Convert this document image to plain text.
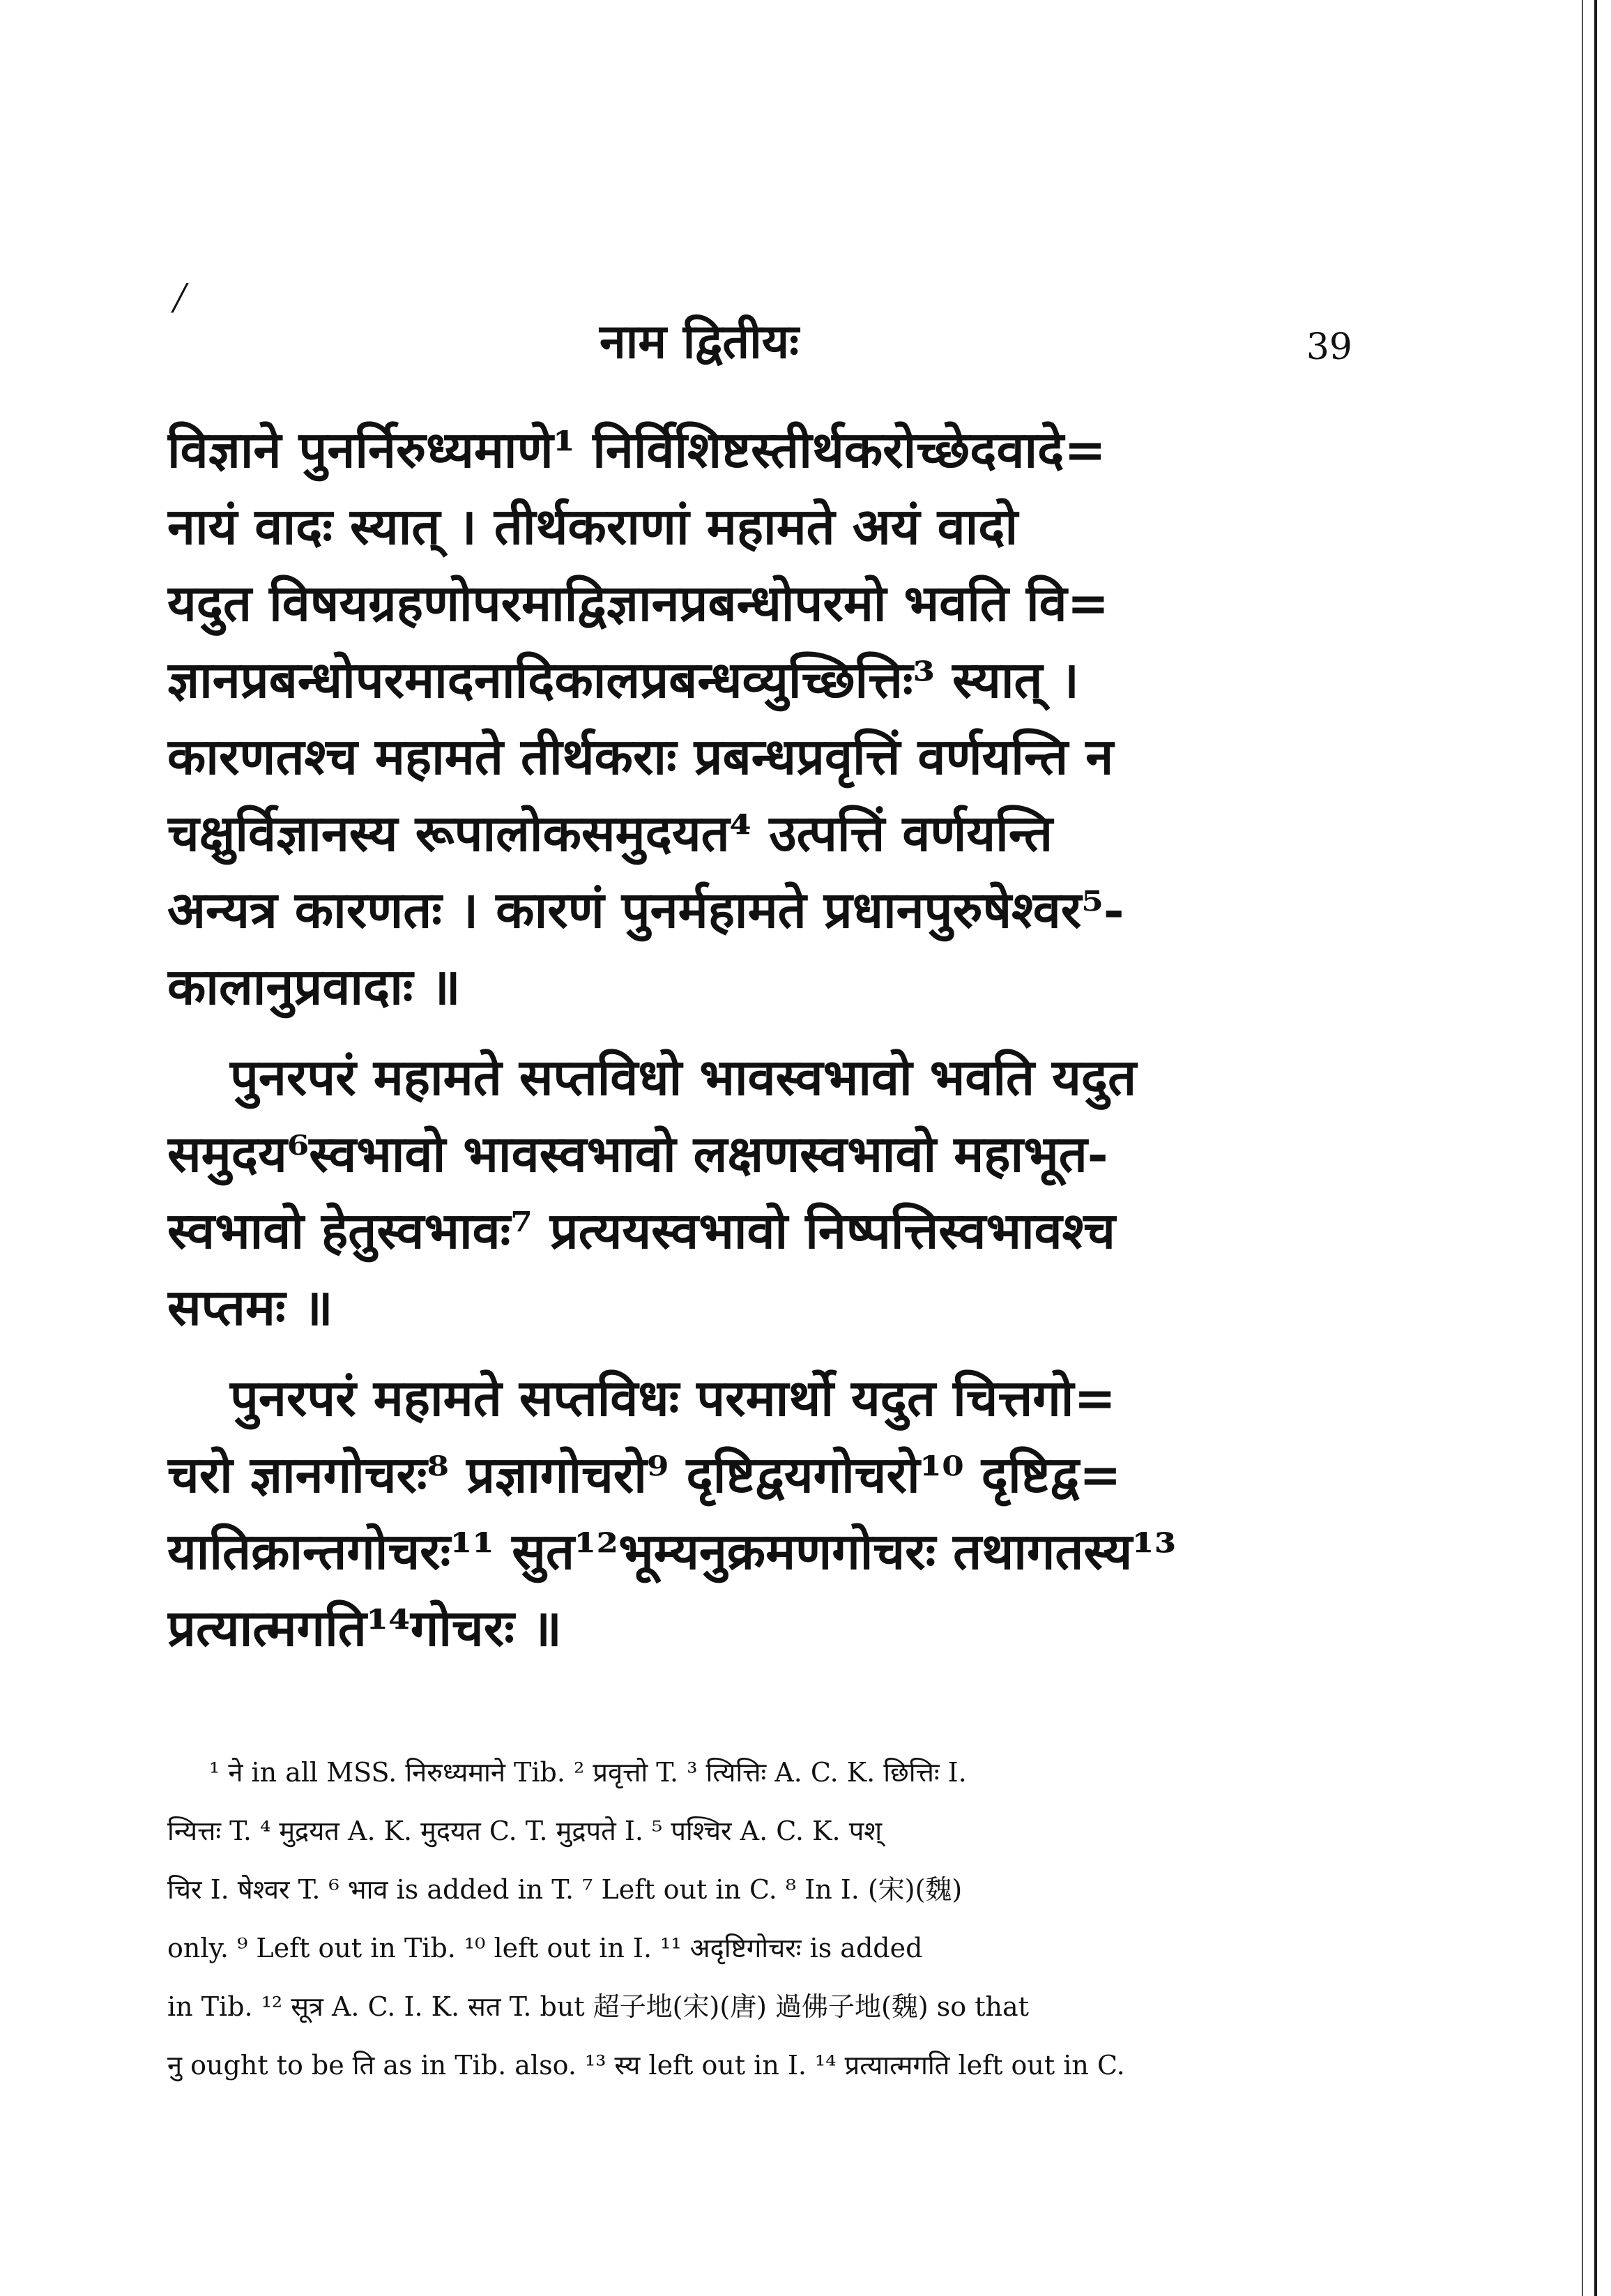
/
नाम द्वितीयः	39
विज्ञाने पुनर्निरुध्यमाणे¹ निर्विशिष्टस्तीर्थकरोच्छेदवादे=
नायं वादः स्यात् । तीर्थकराणां महामते अयं वादो
यदुत विषयग्रहणोपरमाद्विज्ञानप्रबन्धोपरमो भवति वि=
ज्ञानप्रबन्धोपरमादनादिकालप्रबन्धव्युच्छित्तिः³ स्यात् ।
कारणतश्च महामते तीर्थकराः प्रबन्धप्रवृत्तिं वर्णयन्ति न
चक्षुर्विज्ञानस्य रूपालोकसमुदयत⁴ उत्पत्तिं वर्णयन्ति
अन्यत्र कारणतः । कारणं पुनर्महामते प्रधानपुरुषेश्वर⁵-
कालानुप्रवादाः ॥
पुनरपरं महामते सप्तविधो भावस्वभावो भवति यदुत
समुदय⁶स्वभावो भावस्वभावो लक्षणस्वभावो महाभूत-
स्वभावो हेतुस्वभावः⁷ प्रत्ययस्वभावो निष्पत्तिस्वभावश्च
सप्तमः ॥
पुनरपरं महामते सप्तविधः परमार्थो यदुत चित्तगो=
चरो ज्ञानगोचरः⁸ प्रज्ञागोचरो⁹ दृष्टिद्वयगोचरो¹⁰ दृष्टिद्व=
यातिक्रान्तगोचरः¹¹ सुत¹²भूम्यनुक्रमणगोचरः तथागतस्य¹³
प्रत्यात्मगति¹⁴गोचरः ॥
¹ ने in all MSS. निरुध्यमाने Tib. ² प्रवृत्तो T. ³ त्यित्तिः A. C. K. छित्तिः I.
न्यित्तः T. ⁴ मुद्रयत A. K. मुदयत C. T. मुद्रपते I. ⁵ पश्चिर A. C. K. पश्
चिर I. षेश्वर T. ⁶ भाव is added in T. ⁷ Left out in C. ⁸ In I. (宋)(魏)
only. ⁹ Left out in Tib. ¹⁰ left out in I. ¹¹ अदृष्टिगोचरः is added
in Tib. ¹² सूत्र A. C. I. K. सत T. but 超子地(宋)(唐) 過佛子地(魏) so that
नु ought to be ति as in Tib. also. ¹³ स्य left out in I. ¹⁴ प्रत्यात्मगति left out in C.
